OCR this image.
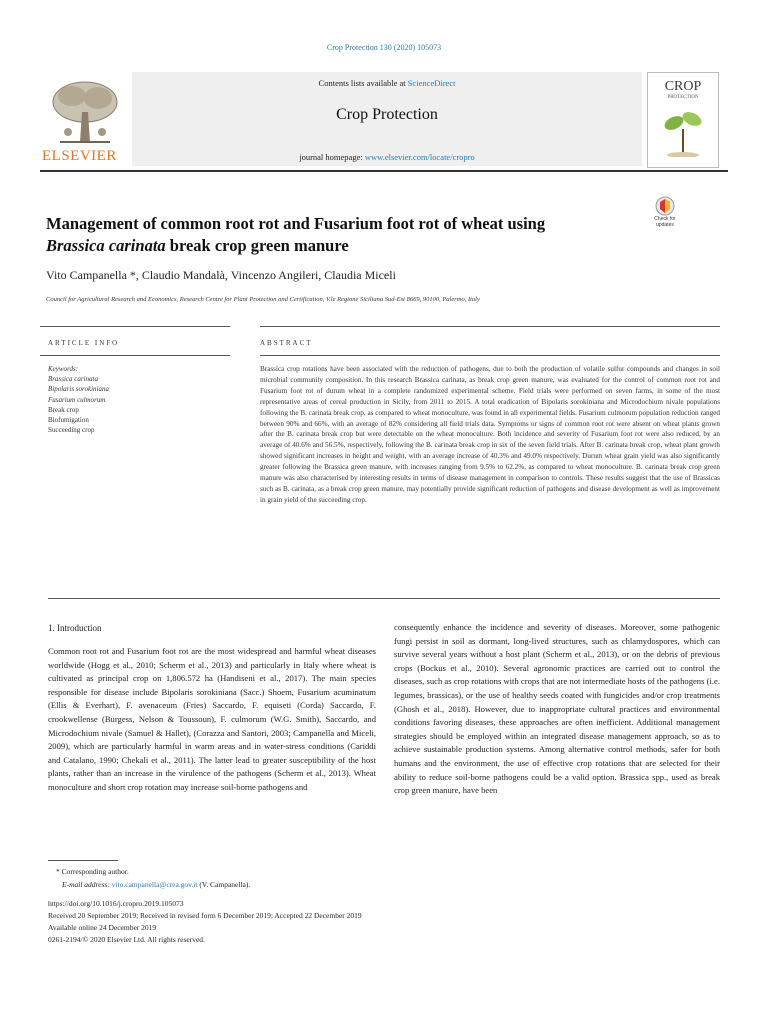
Crop Protection 130 (2020) 105073
ELSEVIER
Contents lists available at ScienceDirect
Crop Protection
journal homepage: www.elsevier.com/locate/cropro
CROP
PROTECTION
Management of common root rot and Fusarium foot rot of wheat using
Brassica carinata break crop green manure
Check for updates
Vito Campanella *, Claudio Mandalà, Vincenzo Angileri, Claudia Miceli
Council for Agricultural Research and Economics, Research Centre for Plant Protection and Certification, V.le Regione Siciliana Sud-Est 8669, 90100, Palermo, Italy
ARTICLE INFO	ABSTRACT
Keywords:
Brassica carinata
Bipolaris sorokiniana
Fusarium culmorum
Break crop
Biofumigation
Succeeding crop
Brassica crop rotations have been associated with the reduction of pathogens, due to both the production of volatile sulfur compounds and changes in soil microbial community composition. In this research Brassica carinata, as break crop green manure, was evaluated for the control of common root rot and Fusarium foot rot of durum wheat in a complete randomized experimental scheme. Field trials were performed on seven farms, in some of the most representative areas of cereal production in Sicily, from 2011 to 2015. A total eradication of Bipolaris sorokiniana and Microdochium nivale populations following the B. carinata break crop, as compared to wheat monoculture, was found in all experimental fields. Fusarium culmorum population reduction ranged between 90% and 66%, with an average of 82% considering all field trials data. Symptoms or signs of common root rot were absent on wheat plants grown after the B. carinata break crop but were detectable on the wheat monoculture. Both incidence and severity of Fusarium foot rot were also reduced, by an average of 40.6% and 56.5%, respectively, following the B. carinata break crop in six of the seven field trials. After B. carinata break crop, wheat plant growth showed significant increases in height and weight, with an average increase of 40.3% and 49.0% respectively. Durum wheat grain yield was also significantly greater following the Brassica green manure, with increases ranging from 9.5% to 62.2%, as compared to wheat monoculture. B. carinata break crop green manure was also characterised by interesting results in terms of disease management in comparison to controls. These results suggest that the use of Brassicas such as B. carinata, as a break crop green manure, may potentially provide significant reduction of pathogens and disease development as well as improvement in grain yield of the succeeding crop.
1. Introduction
Common root rot and Fusarium foot rot are the most widespread and harmful wheat diseases worldwide (Hogg et al., 2010; Scherm et al., 2013) and particularly in Italy where wheat is cultivated as principal crop on 1,806.572 ha (Handiseni et al., 2017). The main species responsible for disease include Bipolaris sorokiniana (Sacc.) Shoem, Fusarium acuminatum (Ellis & Everhart), F. avenaceum (Fries) Saccardo, F. equiseti (Corda) Saccardo, F. crookwellense (Burgess, Nelson & Toussoun), F. culmorum (W.G. Smith), Saccardo, and Microdochium nivale (Samuel & Hallet), (Corazza and Santori, 2003; Campanella and Miceli, 2009), which are particularly harmful in warm areas and in water-stress conditions (Cariddi and Catalano, 1990; Chekali et al., 2011). The latter lead to greater susceptibility of the host plants, rather than an increase in the virulence of the pathogens (Scherm et al., 2013). Wheat monoculture and short crop rotation may increase soil-borne pathogens and
consequently enhance the incidence and severity of diseases. Moreover, some pathogenic fungi persist in soil as dormant, long-lived structures, such as chlamydospores, which can survive several years without a host plant (Scherm et al., 2013), or on the debris of previous crops (Bockus et al., 2010). Several agronomic practices are carried out to control the diseases, such as crop rotations with crops that are not intermediate hosts of the pathogens (i.e. legumes, brassicas), or the use of healthy seeds coated with fungicides and/or crop treatments (Ghosh et al., 2018). However, due to inappropriate cultural practices and environmental conditions favoring diseases, these approaches are often inefficient. Additional management strategies should be employed within an integrated disease management approach, so as to achieve sustainable production systems. Among alternative control methods, safer for both humans and the environment, the use of effective crop rotations that are selected for their ability to reduce soil-borne pathogens could be a valid option. Brassica spp., used as break crop green manure, have been
* Corresponding author.
E-mail address: vito.campanella@crea.gov.it (V. Campanella).
https://doi.org/10.1016/j.cropro.2019.105073
Received 20 September 2019; Received in revised form 6 December 2019; Accepted 22 December 2019
Available online 24 December 2019
0261-2194/© 2020 Elsevier Ltd. All rights reserved.
